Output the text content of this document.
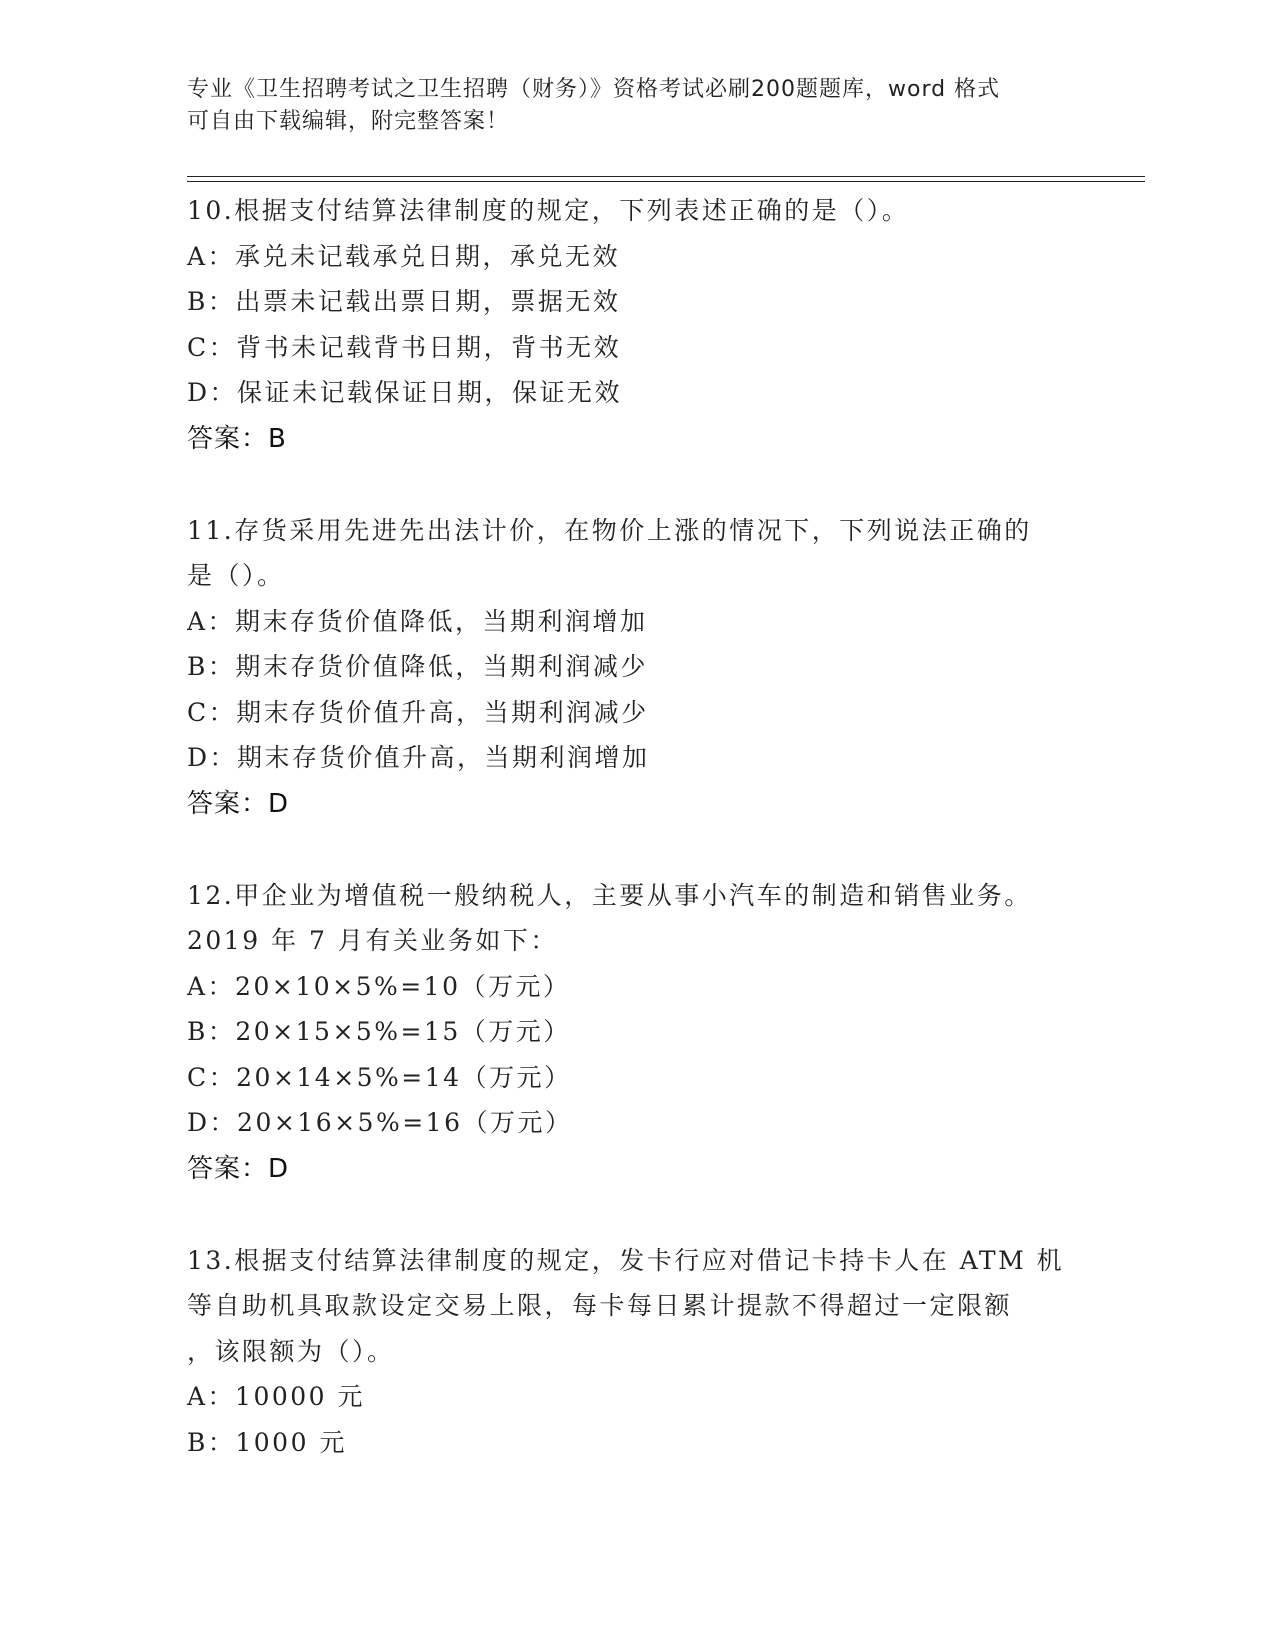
专业《卫生招聘考试之卫生招聘（财务）》资格考试必刷200题题库，word 格式
可自由下载编辑，附完整答案！
10.根据支付结算法律制度的规定，下列表述正确的是（）。
A：承兑未记载承兑日期，承兑无效
B：出票未记载出票日期，票据无效
C：背书未记载背书日期，背书无效
D：保证未记载保证日期，保证无效
答案：B
11.存货采用先进先出法计价，在物价上涨的情况下，下列说法正确的
是（）。
A：期末存货价值降低，当期利润增加
B：期末存货价值降低，当期利润减少
C：期末存货价值升高，当期利润减少
D：期末存货价值升高，当期利润增加
答案：D
12.甲企业为增值税一般纳税人，主要从事小汽车的制造和销售业务。
2019 年 7 月有关业务如下：
A：20×10×5%=10（万元）
B：20×15×5%=15（万元）
C：20×14×5%=14（万元）
D：20×16×5%=16（万元）
答案：D
13.根据支付结算法律制度的规定，发卡行应对借记卡持卡人在 ATM 机
等自助机具取款设定交易上限，每卡每日累计提款不得超过一定限额
，该限额为（）。
A：10000 元
B：1000 元
